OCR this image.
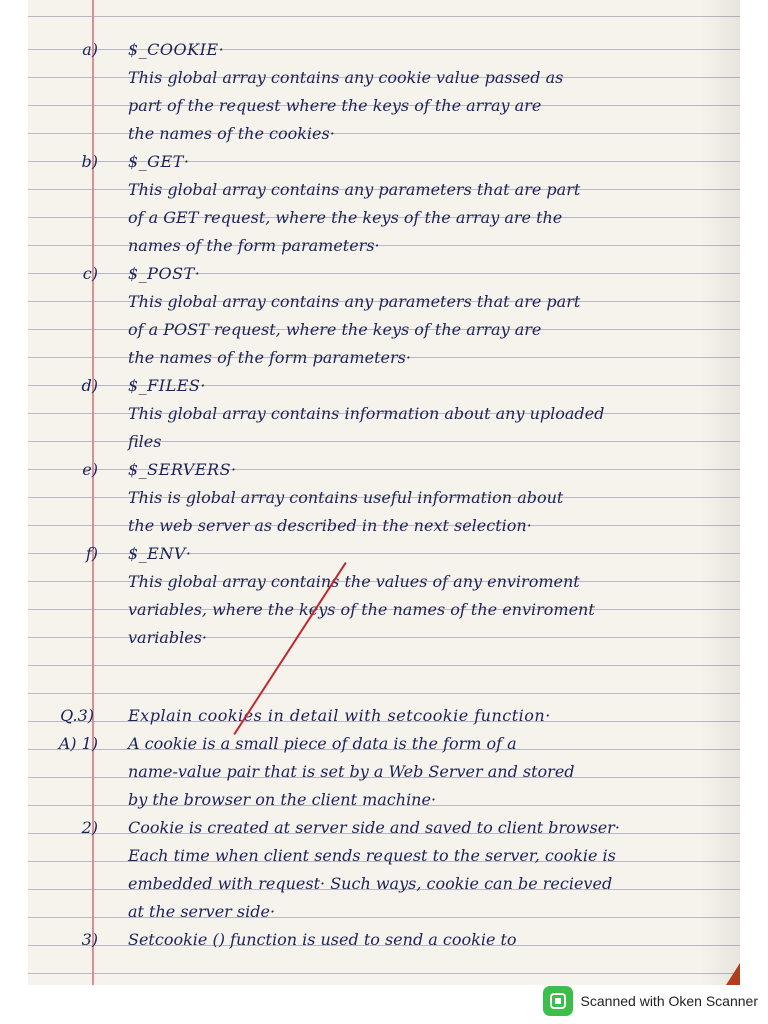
a) $_COOKIE·
This global array contains any cookie value passed as
part of the request where the keys of the array are
the names of the cookies·
b) $_GET·
This global array contains any parameters that are part
of a GET request, where the keys of the array are the
names of the form parameters·
c) $_POST·
This global array contains any parameters that are part
of a POST request, where the keys of the array are
the names of the form parameters·
d) $_FILES·
This global array contains information about any uploaded
files
e) $_SERVERS·
This is global array contains useful information about
the web server as described in the next selection·
f) $_ENV·
This global array contains the values of any enviroment
variables, where the keys of the names of the enviroment
variables·
Q.3) Explain cookies in detail with setcookie function·
A) 1) A cookie is a small piece of data is the form of a
name-value pair that is set by a Web Server and stored
by the browser on the client machine·
2) Cookie is created at server side and saved to client browser·
Each time when client sends request to the server, cookie is
embedded with request· Such ways, cookie can be recieved
at the server side·
3) Setcookie () function is used to send a cookie to
Scanned with Oken Scanner
